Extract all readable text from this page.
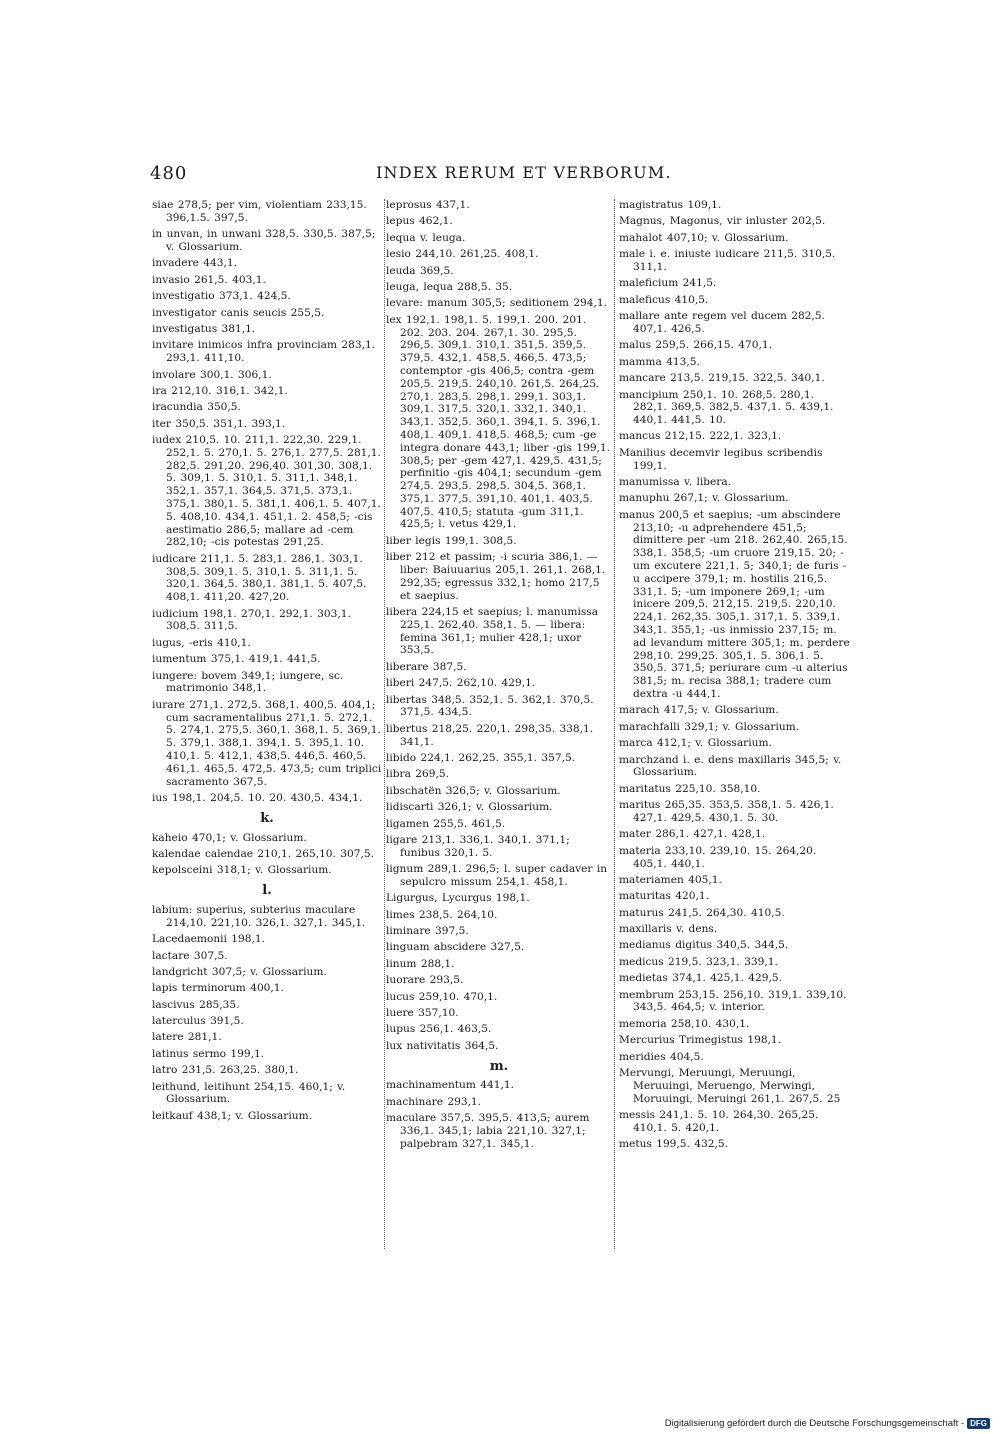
480	INDEX RERUM ET VERBORUM.
siae 278,5; per vim, violentiam 233,15. 396,1.5. 397,5.
in unvan, in unwani 328,5. 330,5. 387,5; v. Glossarium.
invadere 443,1.
invasio 261,5. 403,1.
investigatio 373,1. 424,5.
investigator canis seucis 255,5.
investigatus 381,1.
invitare inimicos infra provinciam 283,1. 293,1. 411,10.
involare 300,1. 306,1.
ira 212,10. 316,1. 342,1.
iracundia 350,5.
iter 350,5. 351,1. 393,1.
iudex 210,5. 10. 211,1. 222,30. 229,1. 252,1. 5. 270,1. 5. 276,1. 277,5. 281,1. 282,5. 291,20. 296,40. 301,30. 308,1. 5. 309,1. 5. 310,1. 5. 311,1. 348,1. 352,1. 357,1. 364,5. 371,5. 373,1. 375,1. 380,1. 5. 381,1. 406,1. 5. 407,1. 5. 408,10. 434,1. 451,1. 2. 458,5; -cis aestimatio 286,5; mallare ad -cem 282,10; -cis potestas 291,25.
iudicare 211,1. 5. 283,1. 286,1. 303,1. 308,5. 309,1. 5. 310,1. 5. 311,1. 5. 320,1. 364,5. 380,1. 381,1. 5. 407,5. 408,1. 411,20. 427,20.
iudicium 198,1. 270,1. 292,1. 303,1. 308,5. 311,5.
iugus, -eris 410,1.
iumentum 375,1. 419,1. 441,5.
iungere: bovem 349,1; iungere, sc. matrimonio 348,1.
iurare 271,1. 272,5. 368,1. 400,5. 404,1; cum sacramentalibus 271,1. 5. 272,1. 5. 274,1. 275,5. 360,1. 368,1. 5. 369,1. 5. 379,1. 388,1. 394,1. 5. 395,1. 10. 410,1. 5. 412,1. 438,5. 446,5. 460,5. 461,1. 465,5. 472,5. 473,5; cum triplici sacramento 367,5.
ius 198,1. 204,5. 10. 20. 430,5. 434,1.
k.
kaheio 470,1; v. Glossarium.
kalendae calendae 210,1. 265,10. 307,5.
kepolsceini 318,1; v. Glossarium.
l.
labium: superius, subterius maculare 214,10. 221,10. 326,1. 327,1. 345,1.
Lacedaemonii 198,1.
lactare 307,5.
landgricht 307,5; v. Glossarium.
lapis terminorum 400,1.
lascivus 285,35.
laterculus 391,5.
latere 281,1.
latinus sermo 199,1.
latro 231,5. 263,25. 380,1.
leithund, leitihunt 254,15. 460,1; v. Glossarium.
leitkauf 438,1; v. Glossarium.
leprosus 437,1.
lepus 462,1.
lequa v. leuga.
lesio 244,10. 261,25. 408,1.
leuda 369,5.
leuga, lequa 288,5. 35.
levare: manum 305,5; seditionem 294,1.
lex 192,1. 198,1. 5. 199,1. 200. 201. 202. 203. 204. 267,1. 30. 295,5. 296,5. 309,1. 310,1. 351,5. 359,5. 379,5. 432,1. 458,5. 466,5. 473,5; contemptor -gis 406,5; contra -gem 205,5. 219,5. 240,10. 261,5. 264,25. 270,1. 283,5. 298,1. 299,1. 303,1. 309,1. 317,5. 320,1. 332,1. 340,1. 343,1. 352,5. 360,1. 394,1. 5. 396,1. 408,1. 409,1. 418,5. 468,5; cum -ge integra donare 443,1; liber -gis 199,1. 308,5; per -gem 427,1. 429,5. 431,5; perfinitio -gis 404,1; secundum -gem 274,5. 293,5. 298,5. 304,5. 368,1. 375,1. 377,5. 391,10. 401,1. 403,5. 407,5. 410,5; statuta -gum 311,1. 425,5; l. vetus 429,1.
liber legis 199,1. 308,5.
liber 212 et passim; -i scuria 386,1. — liber: Baiuuarius 205,1. 261,1. 268,1. 292,35; egressus 332,1; homo 217,5 et saepius.
libera 224,15 et saepius; l. manumissa 225,1. 262,40. 358,1. 5. — libera: femina 361,1; mulier 428,1; uxor 353,5.
liberare 387,5.
liberi 247,5. 262,10. 429,1.
libertas 348,5. 352,1. 5. 362,1. 370,5. 371,5. 434,5.
libertus 218,25. 220,1. 298,35. 338,1. 341,1.
libido 224,1. 262,25. 355,1. 357,5.
libra 269,5.
libschatën 326,5; v. Glossarium.
lidiscarti 326,1; v. Glossarium.
ligamen 255,5. 461,5.
ligare 213,1. 336,1. 340,1. 371,1; funibus 320,1. 5.
lignum 289,1. 296,5; l. super cadaver in sepulcro missum 254,1. 458,1.
Ligurgus, Lycurgus 198,1.
limes 238,5. 264,10.
liminare 397,5.
linguam abscidere 327,5.
linum 288,1.
luorare 293,5.
lucus 259,10. 470,1.
luere 357,10.
lupus 256,1. 463,5.
lux nativitatis 364,5.
m.
machinamentum 441,1.
machinare 293,1.
maculare 357,5. 395,5. 413,5; aurem 336,1. 345,1; labia 221,10. 327,1; palpebram 327,1. 345,1.
magistratus 109,1.
Magnus, Magonus, vir inluster 202,5.
mahalot 407,10; v. Glossarium.
male i. e. iniuste iudicare 211,5. 310,5. 311,1.
maleficium 241,5.
maleficus 410,5.
mallare ante regem vel ducem 282,5. 407,1. 426,5.
malus 259,5. 266,15. 470,1.
mamma 413,5.
mancare 213,5. 219,15. 322,5. 340,1.
mancipium 250,1. 10. 268,5. 280,1. 282,1. 369,5. 382,5. 437,1. 5. 439,1. 440,1. 441,5. 10.
mancus 212,15. 222,1. 323,1.
Manilius decemvir legibus scribendis 199,1.
manumissa v. libera.
manuphu 267,1; v. Glossarium.
manus 200,5 et saepius; -um abscindere 213,10; -u adprehendere 451,5; dimittere per -um 218. 262,40. 265,15. 338,1. 358,5; -um cruore 219,15. 20; -um excutere 221,1. 5; 340,1; de furis -u accipere 379,1; m. hostilis 216,5. 331,1. 5; -um imponere 269,1; -um inicere 209,5. 212,15. 219,5. 220,10. 224,1. 262,35. 305,1. 317,1. 5. 339,1. 343,1. 355,1; -us inmissio 237,15; m. ad levandum mittere 305,1; m. perdere 298,10. 299,25. 305,1. 5. 306,1. 5. 350,5. 371,5; periurare cum -u alterius 381,5; m. recisa 388,1; tradere cum dextra -u 444,1.
marach 417,5; v. Glossarium.
marachfalli 329,1; v. Glossarium.
marca 412,1; v. Glossarium.
marchzand i. e. dens maxillaris 345,5; v. Glossarium.
maritatus 225,10. 358,10.
maritus 265,35. 353,5. 358,1. 5. 426,1. 427,1. 429,5. 430,1. 5. 30.
mater 286,1. 427,1. 428,1.
materia 233,10. 239,10. 15. 264,20. 405,1. 440,1.
materiamen 405,1.
maturitas 420,1.
maturus 241,5. 264,30. 410,5.
maxillaris v. dens.
medianus digitus 340,5. 344,5.
medicus 219,5. 323,1. 339,1.
medietas 374,1. 425,1. 429,5.
membrum 253,15. 256,10. 319,1. 339,10. 343,5. 464,5; v. interior.
memoria 258,10. 430,1.
Mercurius Trimegistus 198,1.
meridies 404,5.
Mervungi, Meruungi, Meruungi, Meruuingi, Meruengo, Merwingi, Moruuingi, Meruingi 261,1. 267,5. 25
messis 241,1. 5. 10. 264,30. 265,25. 410,1. 5. 420,1.
metus 199,5. 432,5.
Digitalisierung gefördert durch die Deutsche Forschungsgemeinschaft - DFG
